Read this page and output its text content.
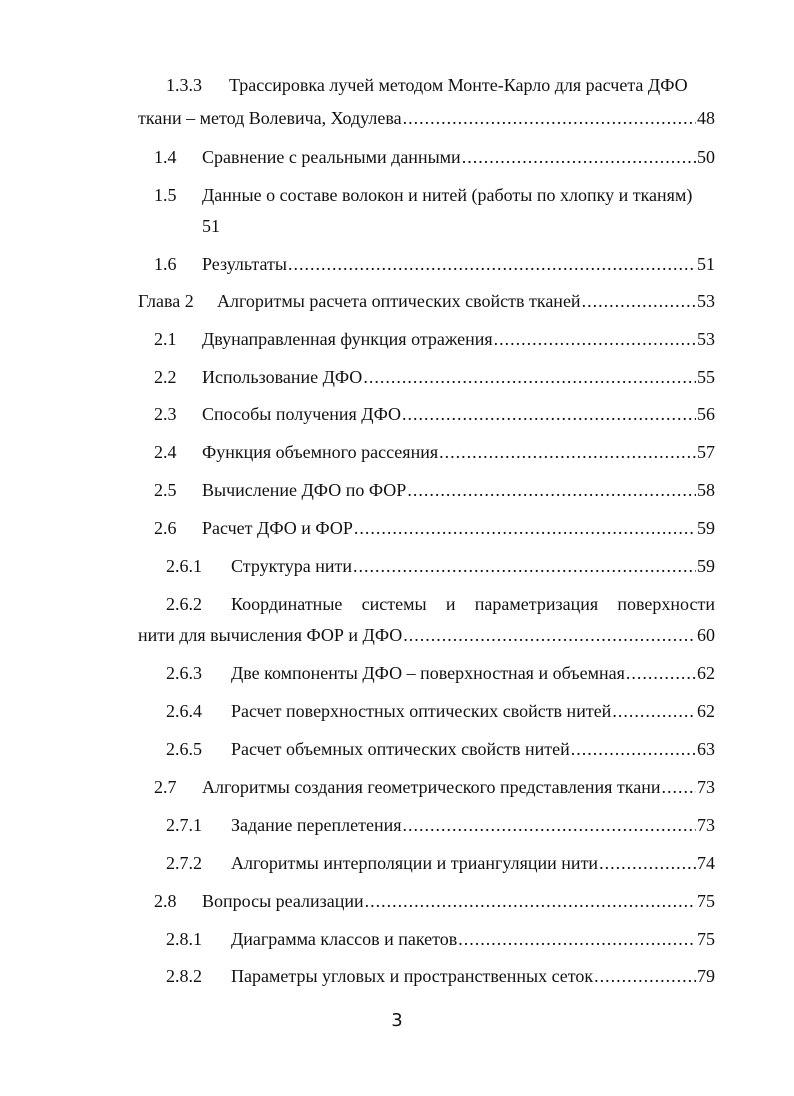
1.3.3 Трассировка лучей методом Монте-Карло для расчета ДФО
ткани – метод Волевича, Ходулева .....	48
1.4 Сравнение с реальными данными .....	50
1.5 Данные о составе волокон и нитей (работы по хлопку и тканям)
51
1.6 Результаты .....	51
Глава 2 Алгоритмы расчета оптических свойств тканей .....	53
2.1 Двунаправленная функция отражения .....	53
2.2 Использование ДФО .....	55
2.3 Способы получения ДФО .....	56
2.4 Функция объемного рассеяния .....	57
2.5 Вычисление ДФО по ФОР .....	58
2.6 Расчет ДФО и ФОР .....	59
2.6.1 Структура нити .....	59
2.6.2 Координатные системы и параметризация поверхности
нити для вычисления ФОР и ДФО .....	60
2.6.3 Две компоненты ДФО – поверхностная и объемная .....	62
2.6.4 Расчет поверхностных оптических свойств нитей .....	62
2.6.5 Расчет объемных оптических свойств нитей .....	63
2.7 Алгоритмы создания геометрического представления ткани ..... 73
2.7.1 Задание переплетения .....	73
2.7.2 Алгоритмы интерполяции и триангуляции нити .....	74
2.8 Вопросы реализации .....	75
2.8.1 Диаграмма классов и пакетов .....	75
2.8.2 Параметры угловых и пространственных сеток .....	79
3
